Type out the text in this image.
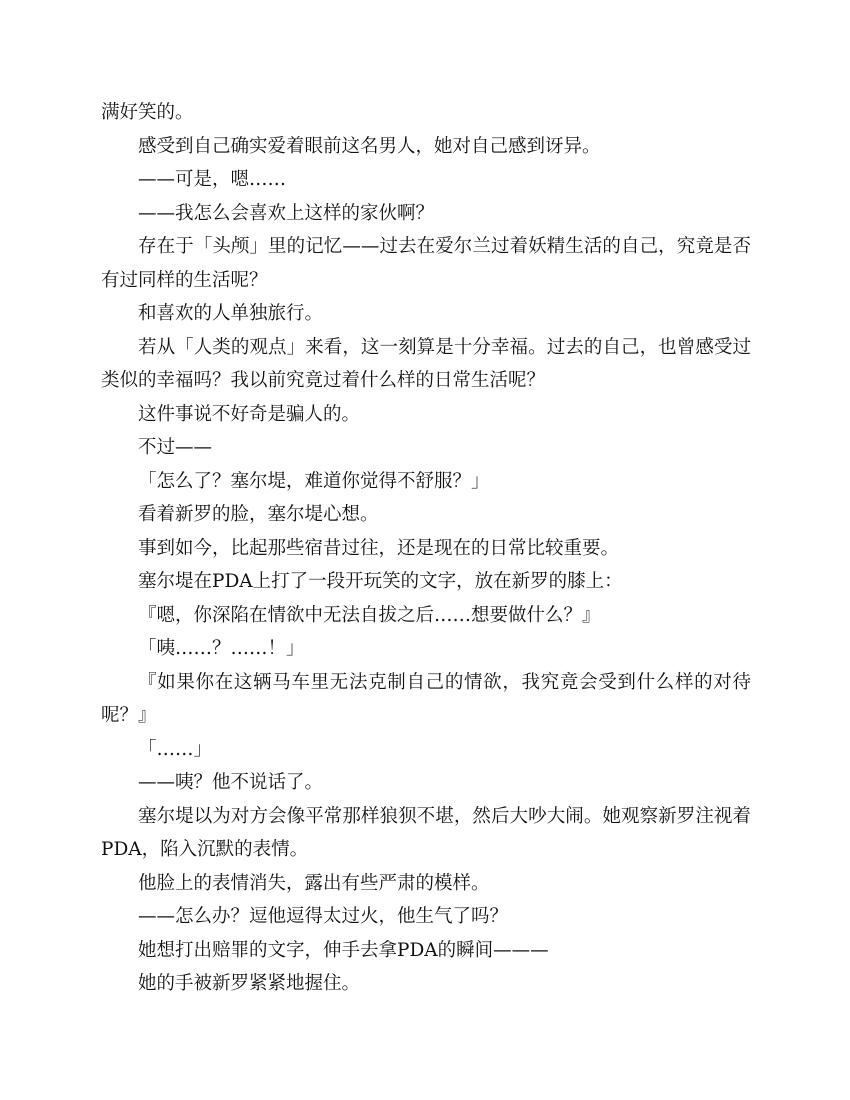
满好笑的。

感受到自己确实爱着眼前这名男人，她对自己感到讶异。

——可是，嗯……

——我怎么会喜欢上这样的家伙啊？

存在于「头颅」里的记忆——过去在爱尔兰过着妖精生活的自己，究竟是否有过同样的生活呢？

和喜欢的人单独旅行。

若从「人类的观点」来看，这一刻算是十分幸福。过去的自己，也曾感受过类似的幸福吗？我以前究竟过着什么样的日常生活呢？

这件事说不好奇是骗人的。

不过——

「怎么了？塞尔堤，难道你觉得不舒服？」

看着新罗的脸，塞尔堤心想。

事到如今，比起那些宿昔过往，还是现在的日常比较重要。

塞尔堤在PDA上打了一段开玩笑的文字，放在新罗的膝上：

『嗯，你深陷在情欲中无法自拔之后……想要做什么？』

「咦……？……！」

『如果你在这辆马车里无法克制自己的情欲，我究竟会受到什么样的对待呢？』

「……」

——咦？他不说话了。

塞尔堤以为对方会像平常那样狼狈不堪，然后大吵大闹。她观察新罗注视着PDA，陷入沉默的表情。

他脸上的表情消失，露出有些严肃的模样。

——怎么办？逗他逗得太过火，他生气了吗？

她想打出赔罪的文字，伸手去拿PDA的瞬间———

她的手被新罗紧紧地握住。
